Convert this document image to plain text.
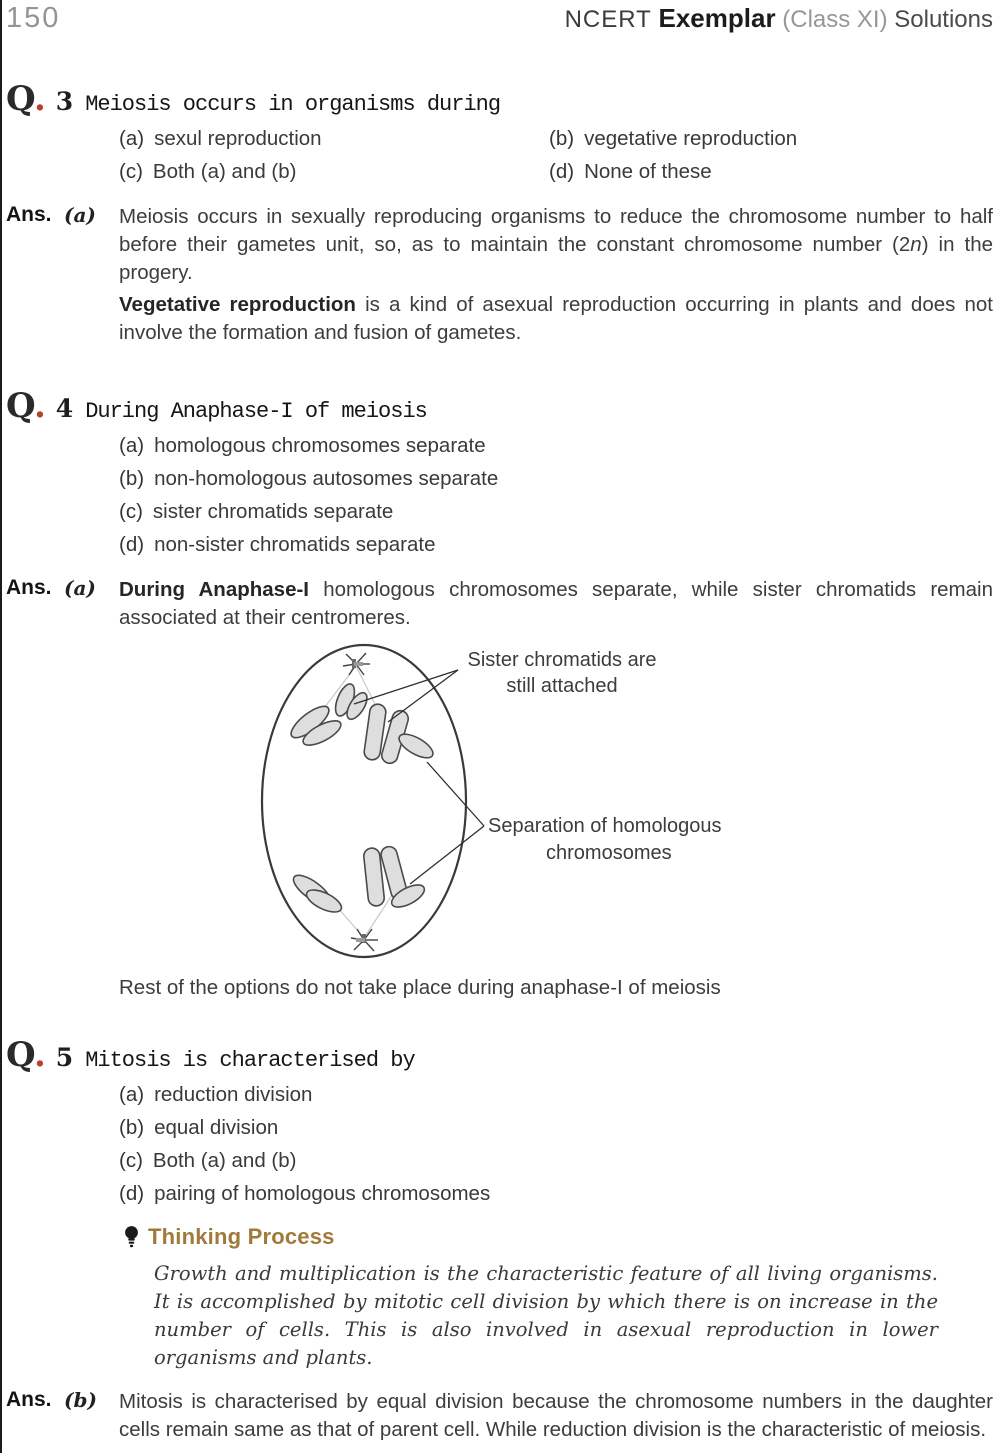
150	NCERT Exemplar (Class XI) Solutions
Q. 3 Meiosis occurs in organisms during
(a) sexul reproduction	(b) vegetative reproduction
(c) Both (a) and (b)	(d) None of these
Ans. (a)	Meiosis occurs in sexually reproducing organisms to reduce the chromosome number to half before their gametes unit, so, as to maintain the constant chromosome number (2n) in the progery.

Vegetative reproduction is a kind of asexual reproduction occurring in plants and does not involve the formation and fusion of gametes.

Q. 4 During Anaphase-I of meiosis
(a) homologous chromosomes separate
(b) non-homologous autosomes separate
(c) sister chromatids separate
(d) non-sister chromatids separate
Ans. (a)	During Anaphase-I homologous chromosomes separate, while sister chromatids remain associated at their centromeres.

Sister chromatids are
still attached
Separation of homologous
chromosomes

Rest of the options do not take place during anaphase-I of meiosis

Q. 5 Mitosis is characterised by
(a) reduction division
(b) equal division
(c) Both (a) and (b)
(d) pairing of homologous chromosomes
Thinking Process

Growth and multiplication is the characteristic feature of all living organisms. It is accomplished by mitotic cell division by which there is on increase in the number of cells. This is also involved in asexual reproduction in lower organisms and plants.

Ans. (b)	Mitosis is characterised by equal division because the chromosome numbers in the daughter cells remain same as that of parent cell. While reduction division is the characteristic of meiosis.
